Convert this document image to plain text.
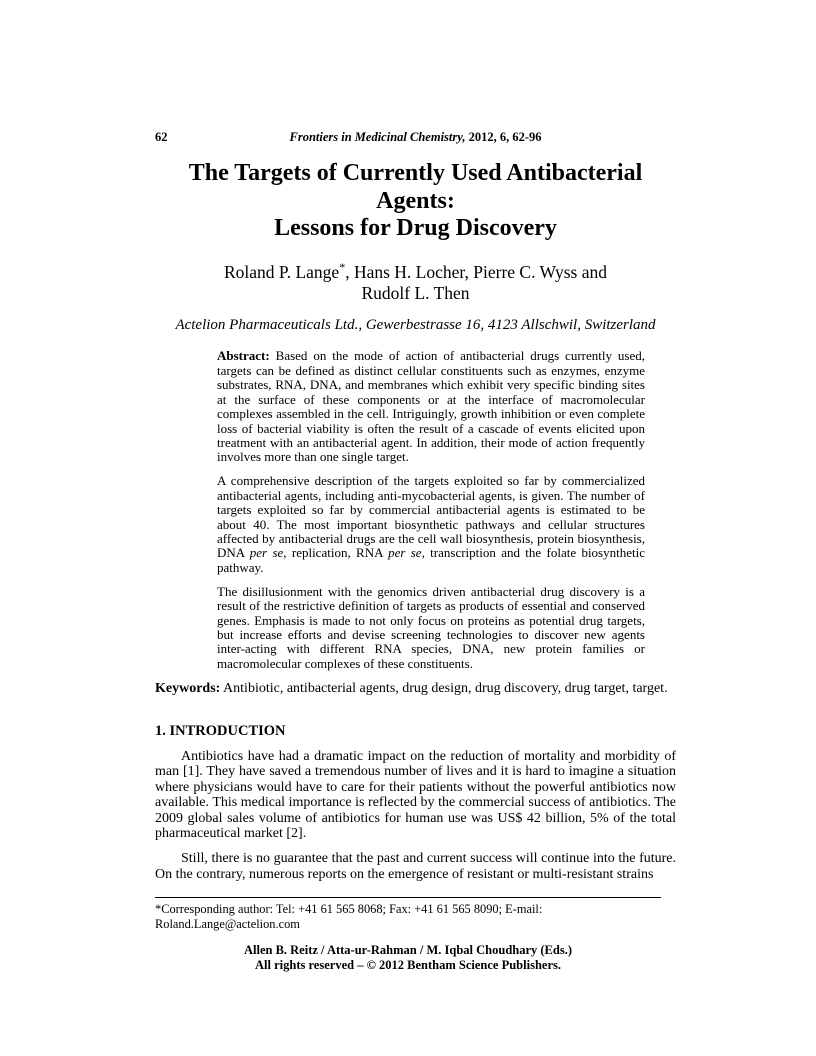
62	Frontiers in Medicinal Chemistry, 2012, 6, 62-96
The Targets of Currently Used Antibacterial Agents:
Lessons for Drug Discovery
Roland P. Lange*, Hans H. Locher, Pierre C. Wyss and
Rudolf L. Then
Actelion Pharmaceuticals Ltd., Gewerbestrasse 16, 4123 Allschwil, Switzerland

Abstract: Based on the mode of action of antibacterial drugs currently used, targets can be defined as distinct cellular constituents such as enzymes, enzyme substrates, RNA, DNA, and membranes which exhibit very specific binding sites at the surface of these components or at the interface of macromolecular complexes assembled in the cell. Intriguingly, growth inhibition or even complete loss of bacterial viability is often the result of a cascade of events elicited upon treatment with an antibacterial agent. In addition, their mode of action frequently involves more than one single target.

A comprehensive description of the targets exploited so far by commercialized antibacterial agents, including anti-mycobacterial agents, is given. The number of targets exploited so far by commercial antibacterial agents is estimated to be about 40. The most important biosynthetic pathways and cellular structures affected by antibacterial drugs are the cell wall biosynthesis, protein biosynthesis, DNA per se, replication, RNA per se, transcription and the folate biosynthetic pathway.

The disillusionment with the genomics driven antibacterial drug discovery is a result of the restrictive definition of targets as products of essential and conserved genes. Emphasis is made to not only focus on proteins as potential drug targets, but increase efforts and devise screening technologies to discover new agents inter-acting with different RNA species, DNA, new protein families or macromolecular complexes of these constituents.

Keywords: Antibiotic, antibacterial agents, drug design, drug discovery, drug target, target.
1. INTRODUCTION

Antibiotics have had a dramatic impact on the reduction of mortality and morbidity of man [1]. They have saved a tremendous number of lives and it is hard to imagine a situation where physicians would have to care for their patients without the powerful antibiotics now available. This medical importance is reflected by the commercial success of antibiotics. The 2009 global sales volume of antibiotics for human use was US$ 42 billion, 5% of the total pharmaceutical market [2].

Still, there is no guarantee that the past and current success will continue into the future. On the contrary, numerous reports on the emergence of resistant or multi-resistant strains

*Corresponding author: Tel: +41 61 565 8068; Fax: +41 61 565 8090; E-mail: Roland.Lange@actelion.com
Allen B. Reitz / Atta-ur-Rahman / M. Iqbal Choudhary (Eds.)
All rights reserved – © 2012 Bentham Science Publishers.
